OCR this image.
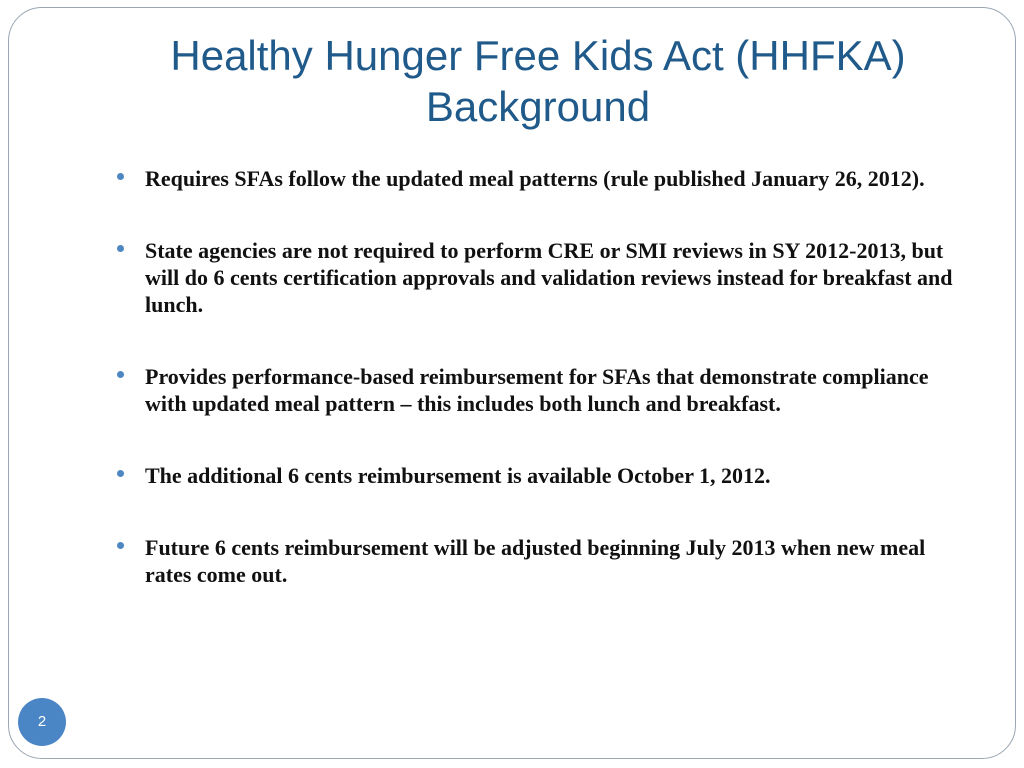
Healthy Hunger Free Kids Act (HHFKA)
Background
Requires SFAs follow the updated meal patterns (rule published January 26, 2012).
State agencies are not required to perform CRE or SMI reviews in SY 2012-2013, but will do 6 cents certification approvals and validation reviews instead for breakfast and lunch.
Provides performance-based reimbursement for SFAs that demonstrate compliance with updated meal pattern – this includes both lunch and breakfast.
The additional 6 cents reimbursement is available October 1, 2012.
Future 6 cents reimbursement will be adjusted beginning July 2013 when new meal rates come out.
2
